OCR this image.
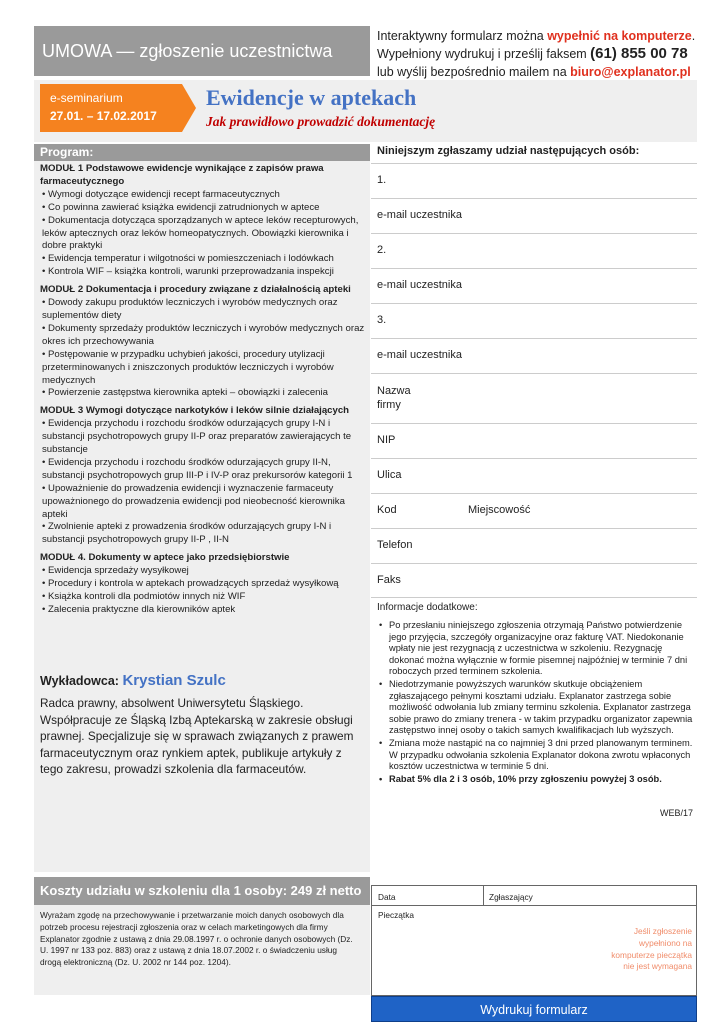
UMOWA — zgłoszenie uczestnictwa
Interaktywny formularz można wypełnić na komputerze.
Wypełniony wydrukuj i prześlij faksem (61) 855 00 78
lub wyślij bezpośrednio mailem na biuro@explanator.pl
e-seminarium
27.01. – 17.02.2017
Ewidencje w aptekach
Jak prawidłowo prowadzić dokumentację
Program:
MODUŁ 1 Podstawowe ewidencje wynikające z zapisów prawa farmaceutycznego
• Wymogi dotyczące ewidencji recept farmaceutycznych
• Co powinna zawierać książka ewidencji zatrudnionych w aptece
• Dokumentacja dotycząca sporządzanych w aptece leków recepturowych, leków aptecznych oraz leków homeopatycznych. Obowiązki kierownika i dobre praktyki
• Ewidencja temperatur i wilgotności w pomieszczeniach i lodówkach
• Kontrola WIF – książka kontroli, warunki przeprowadzania inspekcji
MODUŁ 2 Dokumentacja i procedury związane z działalnością apteki
• Dowody zakupu produktów leczniczych i wyrobów medycznych oraz suplementów diety
• Dokumenty sprzedaży produktów leczniczych i wyrobów medycznych oraz okres ich przechowywania
• Postępowanie w przypadku uchybień jakości, procedury utylizacji przeterminowanych i zniszczonych produktów leczniczych i wyrobów medycznych
• Powierzenie zastępstwa kierownika apteki – obowiązki i zalecenia
MODUŁ 3 Wymogi dotyczące narkotyków i leków silnie działających
• Ewidencja przychodu i rozchodu środków odurzających grupy I-N i substancji psychotropowych grupy II-P oraz preparatów zawierających te substancje
• Ewidencja przychodu i rozchodu środków odurzających grupy II-N, substancji psychotropowych grup III-P i IV-P oraz prekursorów kategorii 1
• Upoważnienie do prowadzenia ewidencji i wyznaczenie farmaceuty upoważnionego do prowadzenia ewidencji pod nieobecność kierownika apteki
• Zwolnienie apteki z prowadzenia środków odurzających grupy I-N i substancji psychotropowych grupy II-P , II-N
MODUŁ 4. Dokumenty w aptece jako przedsiębiorstwie
• Ewidencja sprzedaży wysyłkowej
• Procedury i kontrola w aptekach prowadzących sprzedaż wysyłkową
• Książka kontroli dla podmiotów innych niż WIF
• Zalecenia praktyczne dla kierowników aptek
Wykładowca: Krystian Szulc
Radca prawny, absolwent Uniwersytetu Śląskiego. Współpracuje ze Śląską Izbą Aptekarską w zakresie obsługi prawnej. Specjalizuje się w sprawach związanych z prawem farmaceutycznym oraz rynkiem aptek, publikuje artykuły z tego zakresu, prowadzi szkolenia dla farmaceutów.
Niniejszym zgłaszamy udział następujących osób:
1.
e-mail uczestnika
2.
e-mail uczestnika
3.
e-mail uczestnika
Nazwa
firmy
NIP
Ulica
Kod	Miejscowość
Telefon
Faks
Informacje dodatkowe:
• Po przesłaniu niniejszego zgłoszenia otrzymają Państwo potwierdzenie jego przyjęcia, szczegóły organizacyjne oraz fakturę VAT. Niedokonanie wpłaty nie jest rezygnacją z uczestnictwa w szkoleniu. Rezygnację dokonać można wyłącznie w formie pisemnej najpóźniej w terminie 7 dni roboczych przed terminem szkolenia.
• Niedotrzymanie powyższych warunków skutkuje obciążeniem zgłaszającego pełnymi kosztami udziału. Explanator zastrzega sobie możliwość odwołania lub zmiany terminu szkolenia. Explanator zastrzega sobie prawo do zmiany trenera - w takim przypadku organizator zapewnia zastępstwo innej osoby o takich samych kwalifikacjach lub wyższych.
• Zmiana może nastąpić na co najmniej 3 dni przed planowanym terminem. W przypadku odwołania szkolenia Explanator dokona zwrotu wpłaconych kosztów uczestnictwa w terminie 5 dni.
• Rabat 5% dla 2 i 3 osób, 10% przy zgłoszeniu powyżej 3 osób.
WEB/17
Koszty udziału w szkoleniu dla 1 osoby: 249 zł netto
Wyrażam zgodę na przechowywanie i przetwarzanie moich danych osobowych dla potrzeb procesu rejestracji zgłoszenia oraz w celach marketingowych dla firmy Explanator zgodnie z ustawą z dnia 29.08.1997 r. o ochronie danych osobowych (Dz. U. 1997 nr 133 poz. 883) oraz z ustawą z dnia 18.07.2002 r. o świadczeniu usług drogą elektroniczną (Dz. U. 2002 nr 144 poz. 1204).
Data	Zgłaszający
Pieczątka
Jeśli zgłoszenie wypełniono na komputerze pieczątka nie jest wymagana
Wydrukuj formularz
